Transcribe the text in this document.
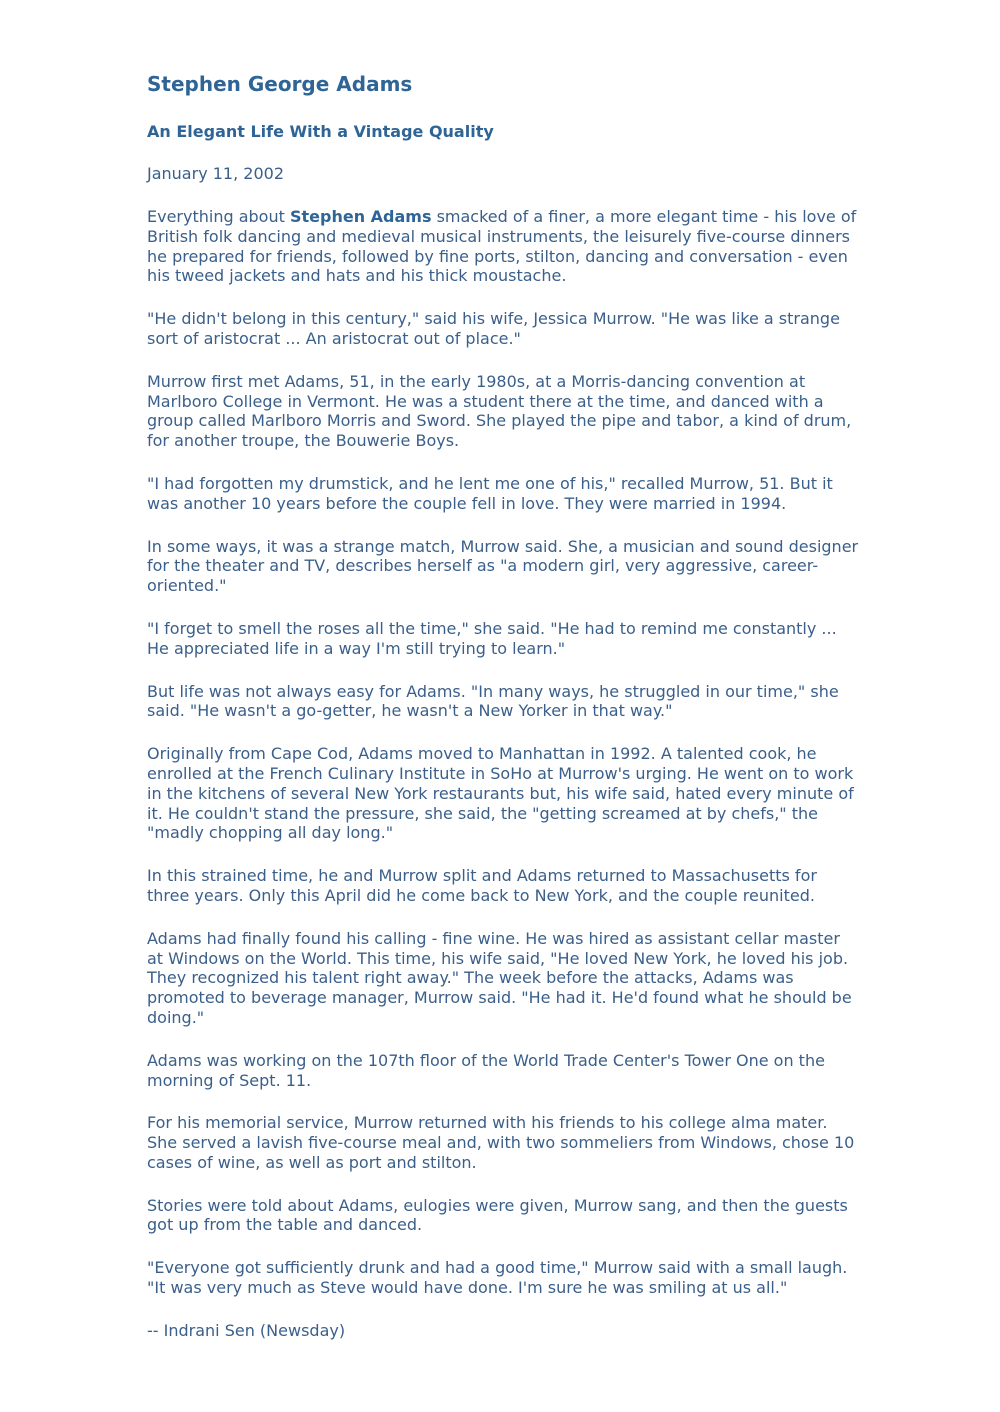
Stephen George Adams
An Elegant Life With a Vintage Quality
January 11, 2002

Everything about Stephen Adams smacked of a finer, a more elegant time - his love of British folk dancing and medieval musical instruments, the leisurely five-course dinners he prepared for friends, followed by fine ports, stilton, dancing and conversation - even his tweed jackets and hats and his thick moustache.

"He didn't belong in this century," said his wife, Jessica Murrow. "He was like a strange sort of aristocrat ... An aristocrat out of place."

Murrow first met Adams, 51, in the early 1980s, at a Morris-dancing convention at Marlboro College in Vermont. He was a student there at the time, and danced with a group called Marlboro Morris and Sword. She played the pipe and tabor, a kind of drum, for another troupe, the Bouwerie Boys.

"I had forgotten my drumstick, and he lent me one of his," recalled Murrow, 51. But it was another 10 years before the couple fell in love. They were married in 1994.

In some ways, it was a strange match, Murrow said. She, a musician and sound designer for the theater and TV, describes herself as "a modern girl, very aggressive, career-oriented."

"I forget to smell the roses all the time," she said. "He had to remind me constantly ... He appreciated life in a way I'm still trying to learn."

But life was not always easy for Adams. "In many ways, he struggled in our time," she said. "He wasn't a go-getter, he wasn't a New Yorker in that way."

Originally from Cape Cod, Adams moved to Manhattan in 1992. A talented cook, he enrolled at the French Culinary Institute in SoHo at Murrow's urging. He went on to work in the kitchens of several New York restaurants but, his wife said, hated every minute of it. He couldn't stand the pressure, she said, the "getting screamed at by chefs," the "madly chopping all day long."

In this strained time, he and Murrow split and Adams returned to Massachusetts for three years. Only this April did he come back to New York, and the couple reunited.

Adams had finally found his calling - fine wine. He was hired as assistant cellar master at Windows on the World. This time, his wife said, "He loved New York, he loved his job. They recognized his talent right away." The week before the attacks, Adams was promoted to beverage manager, Murrow said. "He had it. He'd found what he should be doing."

Adams was working on the 107th floor of the World Trade Center's Tower One on the morning of Sept. 11.

For his memorial service, Murrow returned with his friends to his college alma mater. She served a lavish five-course meal and, with two sommeliers from Windows, chose 10 cases of wine, as well as port and stilton.

Stories were told about Adams, eulogies were given, Murrow sang, and then the guests got up from the table and danced.

"Everyone got sufficiently drunk and had a good time," Murrow said with a small laugh. "It was very much as Steve would have done. I'm sure he was smiling at us all."

-- Indrani Sen (Newsday)
